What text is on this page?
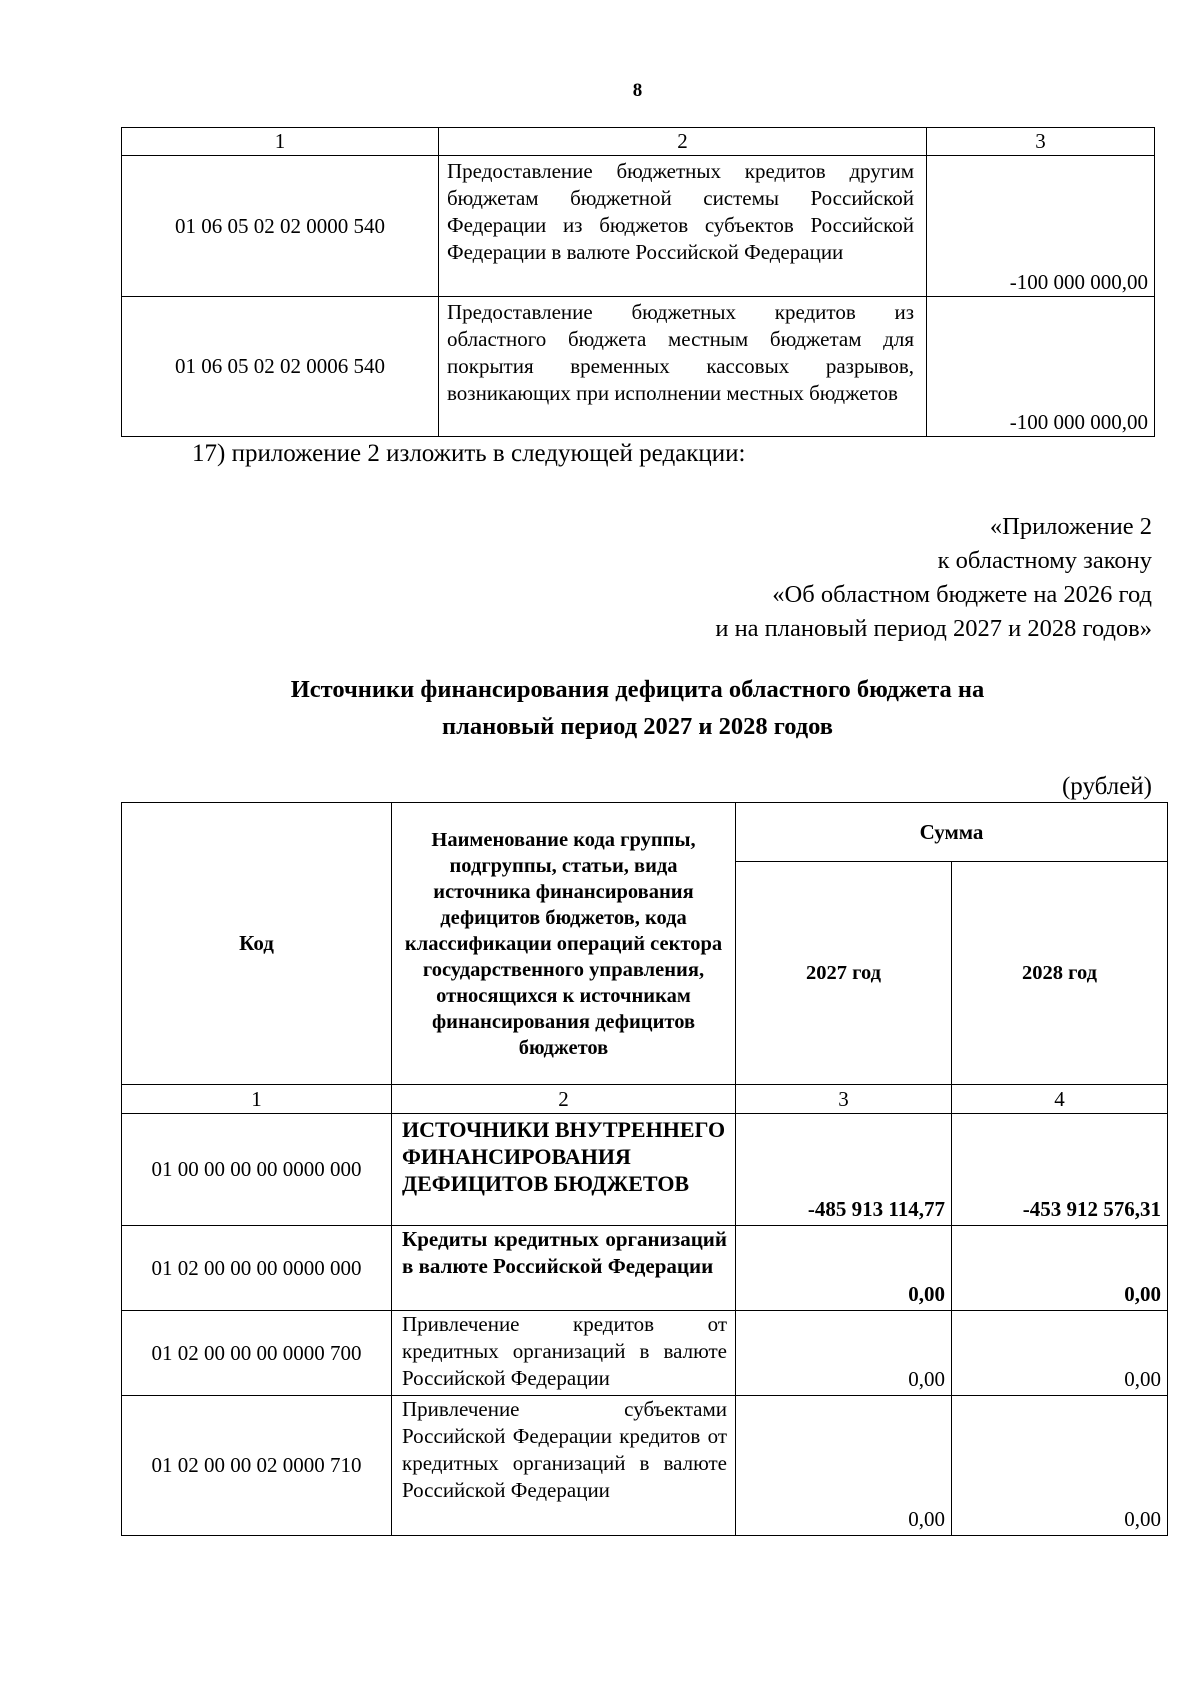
8
1	2	3
01 06 05 02 02 0000 540	Предоставление бюджетных кредитов другим бюджетам бюджетной системы Российской Федерации из бюджетов субъектов Российской Федерации в валюте Российской Федерации	-100 000 000,00
01 06 05 02 02 0006 540	Предоставление бюджетных кредитов из областного бюджета местным бюджетам для покрытия временных кассовых разрывов, возникающих при исполнении местных бюджетов	-100 000 000,00
17) приложение 2 изложить в следующей редакции:
«Приложение 2
к областному закону
«Об областном бюджете на 2026 год
и на плановый период 2027 и 2028 годов»
Источники финансирования дефицита областного бюджета на
плановый период 2027 и 2028 годов
(рублей)
Код	Наименование кода группы, подгруппы, статьи, вида источника финансирования дефицитов бюджетов, кода классификации операций сектора государственного управления, относящихся к источникам финансирования дефицитов бюджетов	Сумма	
		2027 год	2028 год
1	2	3	4
01 00 00 00 00 0000 000	ИСТОЧНИКИ ВНУТРЕННЕГО ФИНАНСИРОВАНИЯ ДЕФИЦИТОВ БЮДЖЕТОВ	-485 913 114,77	-453 912 576,31
01 02 00 00 00 0000 000	Кредиты кредитных организаций в валюте Российской Федерации	0,00	0,00
01 02 00 00 00 0000 700	Привлечение кредитов от кредитных организаций в валюте Российской Федерации	0,00	0,00
01 02 00 00 02 0000 710	Привлечение субъектами Российской Федерации кредитов от кредитных организаций в валюте Российской Федерации	0,00	0,00
